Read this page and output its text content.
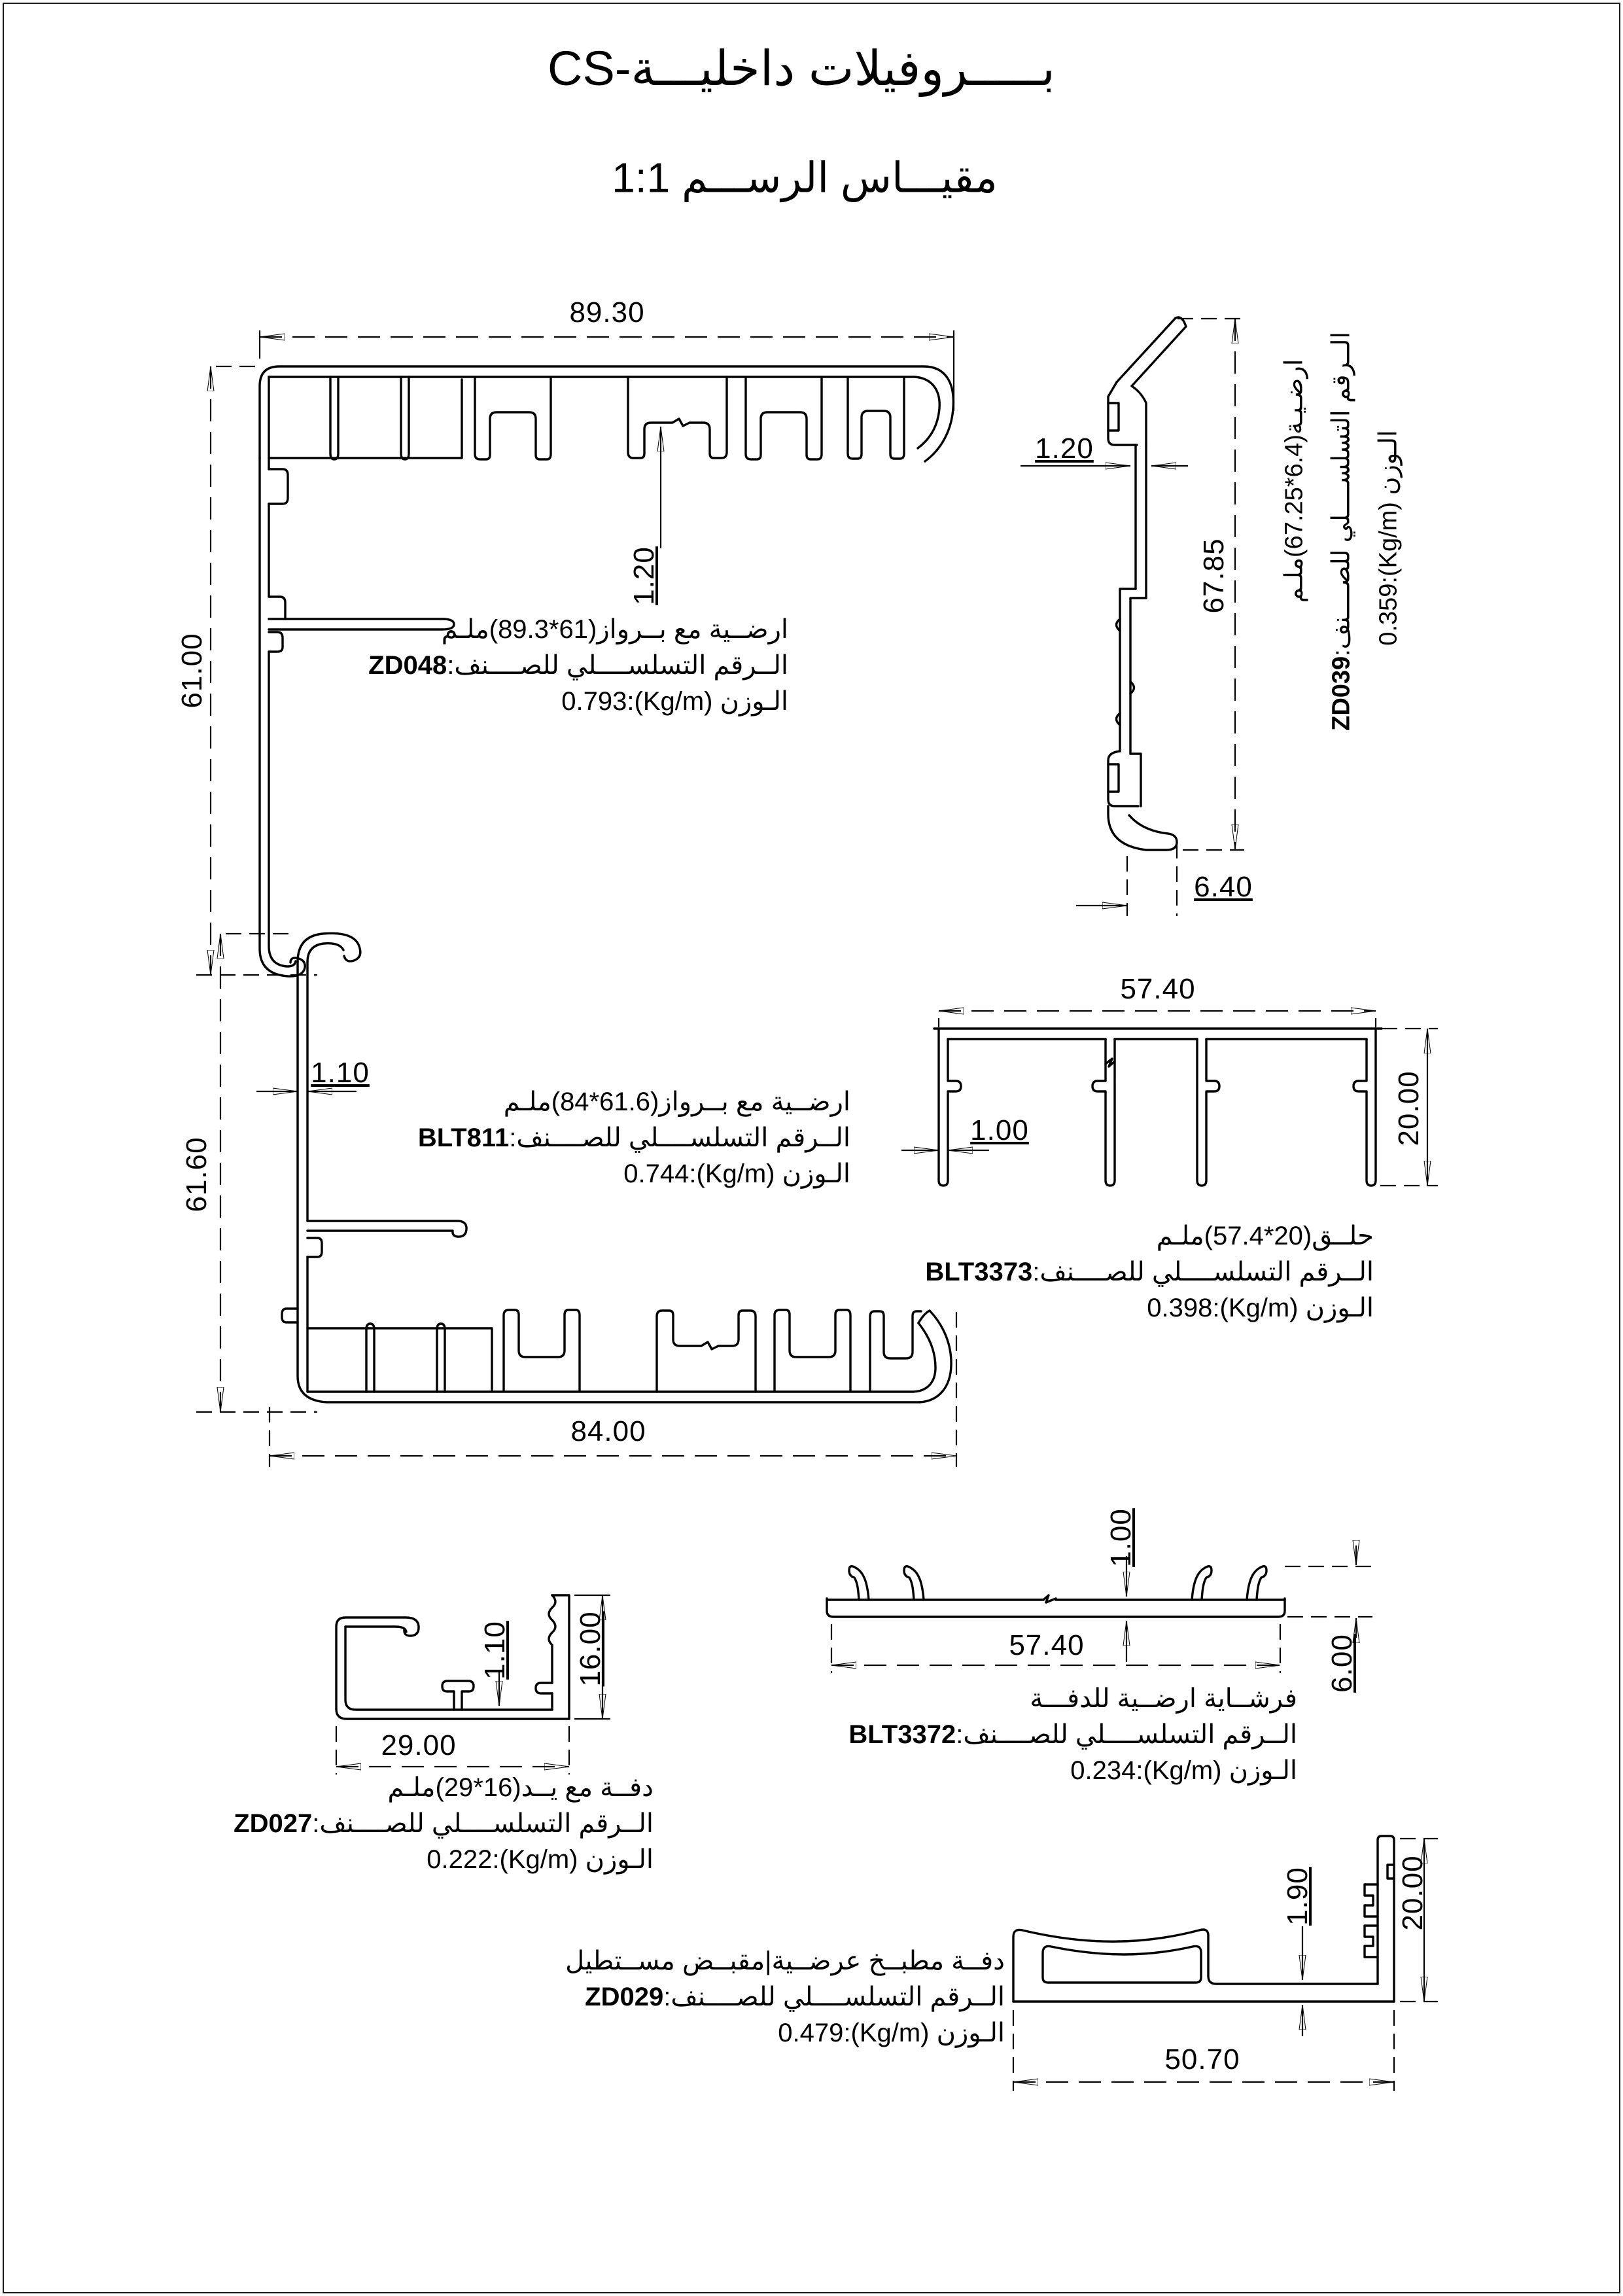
بـــــروفيلات داخليـــة-CS
مقيـــاس الرســـم 1:1
89.30
61.00
1.20
ارضــية مع بــرواز(61*89.3)ملـم
الــرقم التسلســــلي للصــــنف:ZD048
الـوزن 0.793:(Kg/m)
1.20
67.85
6.40
ارضـيـة(6.4*67.25)ملـم الــرقم التسلســــلي للصــــنف:ZD039
الـوزن 0.359:(Kg/m)
1.10
61.60
84.00
ارضــية مع بــرواز(61.6*84)ملـم
الــرقم التسلســــلي للصــــنف:BLT811
الـوزن 0.744:(Kg/m)
57.40
1.00	20.00
حلــق(20*57.4)ملـم
الــرقم التسلســــلي للصــــنف:BLT3373
الـوزن 0.398:(Kg/m)
1.10 16.00
29.00
دفــة مع يــد(16*29)ملـم
الــرقم التسلســــلي للصــــنف:ZD027
الـوزن 0.222:(Kg/m)
1.00
57.40	6.00
فرشــاية ارضــية للدفـــة
الــرقم التسلســــلي للصــــنف:BLT3372
الـوزن 0.234:(Kg/m)
1.90	20.00
50.70
دفــة مطبــخ عرضــية|مقبــض مســتطيل
الــرقم التسلســــلي للصــــنف:ZD029
الـوزن 0.479:(Kg/m)
